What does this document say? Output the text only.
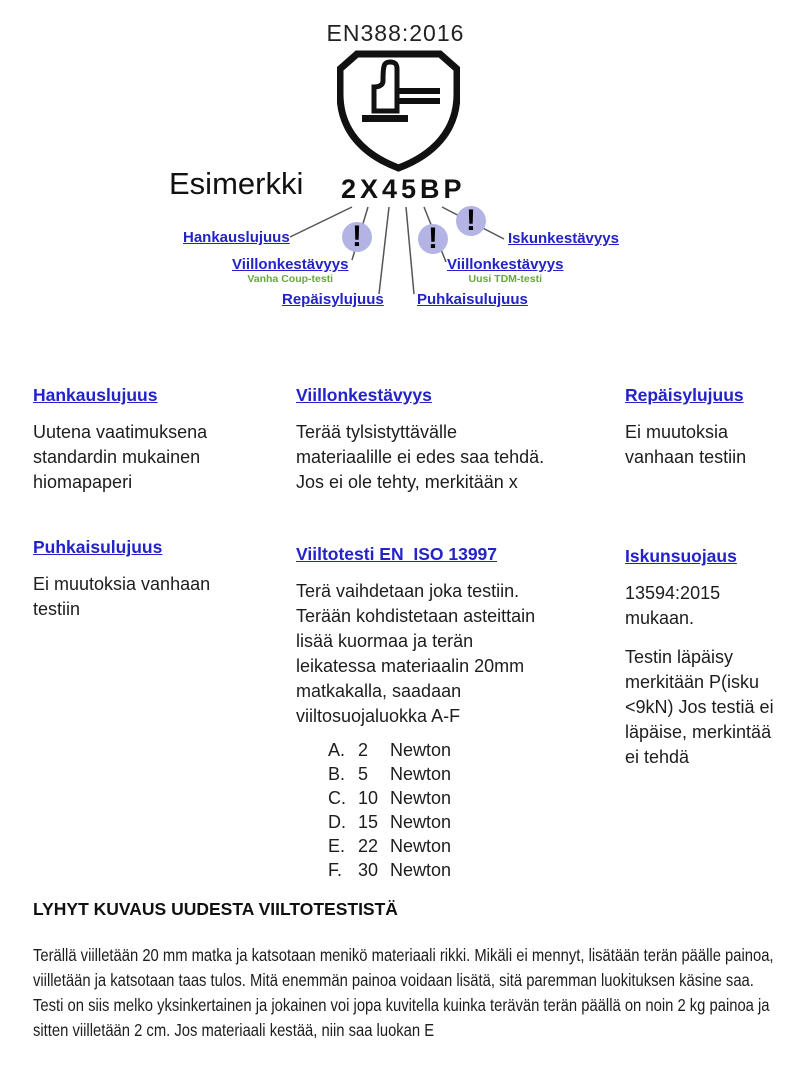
EN388:2016
Esimerkki 2X45BP
! !
!
Hankauslujuus
Viillonkestävyys
Vanha Coup-testi
Repäisylujuus Puhkaisulujuus
Viillonkestävyys
Uusi TDM-testi
Iskunkestävyys
Hankauslujuus

Uutena vaatimuksena standardin mukainen hiomapaperi

Viillonkestävyys

Terää tylsistyttävälle materiaalille ei edes saa tehdä. Jos ei ole tehty, merkitään x

Repäisylujuus

Ei muutoksia vanhaan testiin

Puhkaisulujuus

Ei muutoksia vanhaan testiin

Viiltotesti EN  ISO 13997

Terä vaihdetaan joka testiin. Terään kohdistetaan asteittain lisää kuormaa ja terän leikatessa materiaalin 20mm matkakalla, saadaan viiltosuojaluokka A-F

A. 2	Newton
B. 5	Newton
C. 10 Newton
D. 15 Newton
E. 22 Newton
F. 30 Newton
Iskunsuojaus

13594:2015 mukaan.

Testin läpäisy merkitään P(isku <9kN) Jos testiä ei läpäise, merkintää ei tehdä

LYHYT KUVAUS UUDESTA VIILTOTESTISTÄ

Terällä viilletään 20 mm matka ja katsotaan menikö materiaali rikki. Mikäli ei mennyt, lisätään terän päälle painoa, viilletään ja katsotaan taas tulos. Mitä enemmän painoa voidaan lisätä, sitä paremman luokituksen käsine saa.

Testi on siis melko yksinkertainen ja jokainen voi jopa kuvitella kuinka terävän terän päällä on noin 2 kg painoa ja sitten viilletään 2 cm. Jos materiaali kestää, niin saa luokan E
